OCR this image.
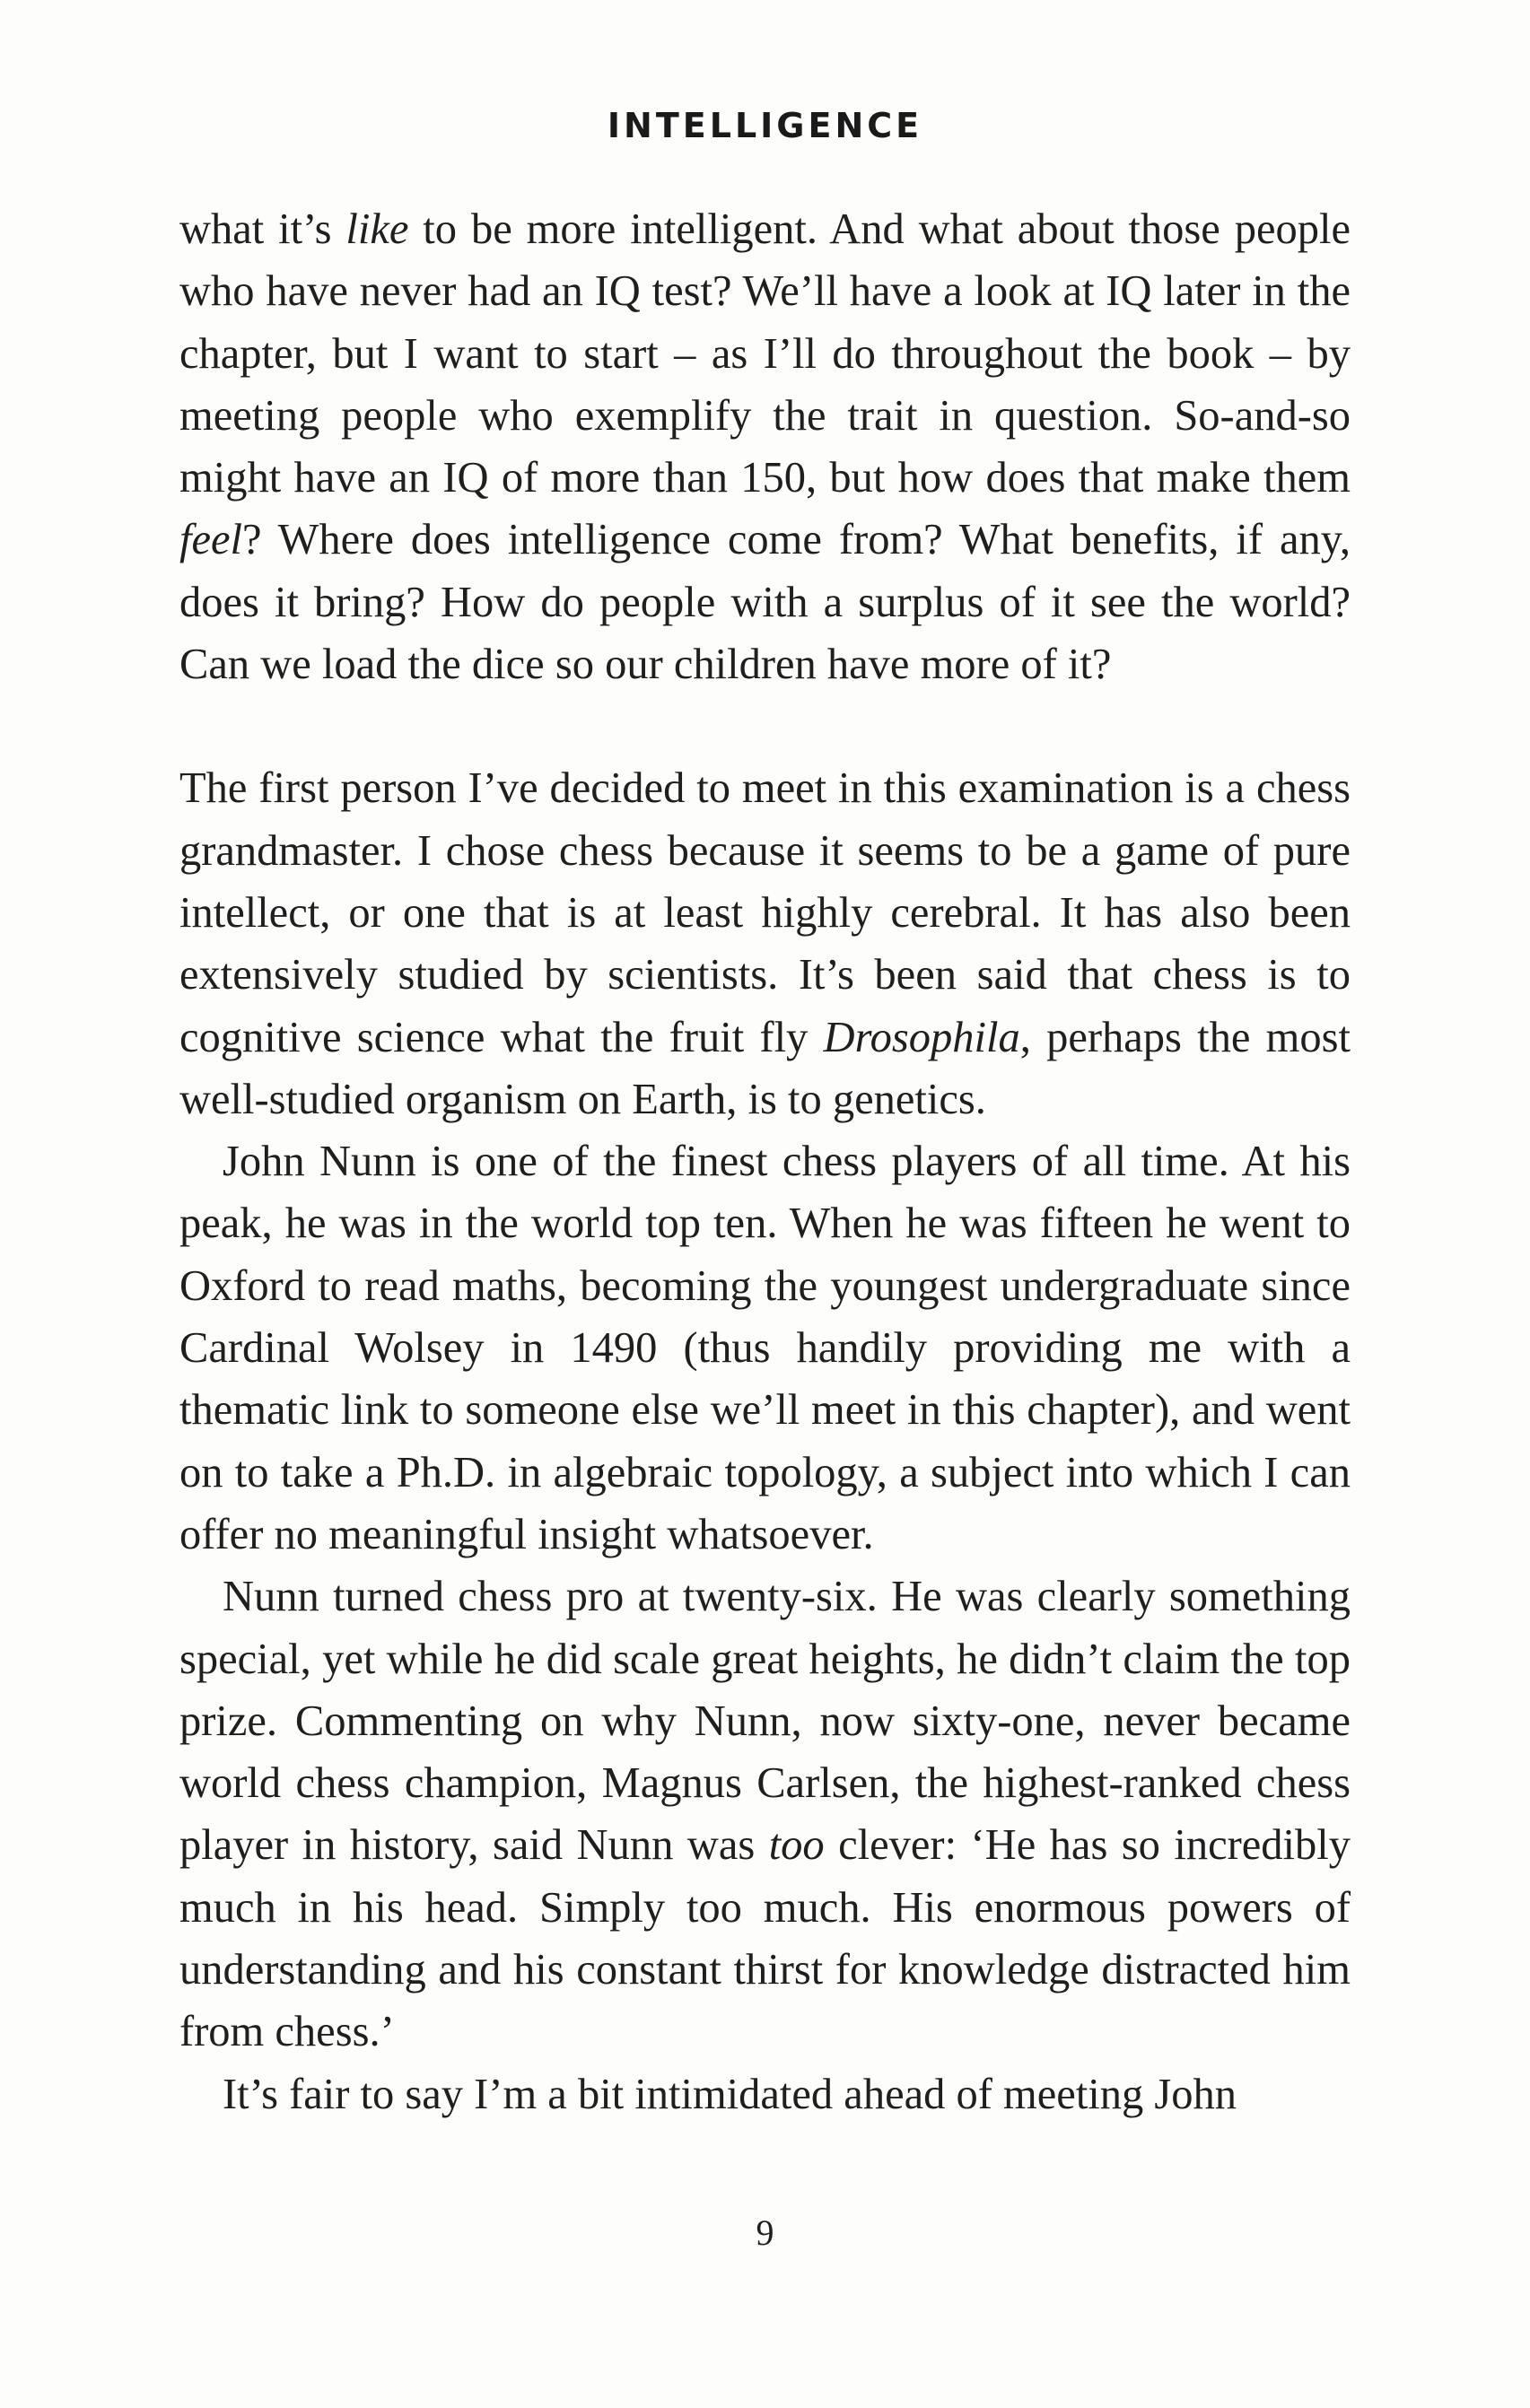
INTELLIGENCE

what it’s like to be more intelligent. And what about those people who have never had an IQ test? We’ll have a look at IQ later in the chapter, but I want to start – as I’ll do throughout the book – by meeting people who exemplify the trait in question. So-and-so might have an IQ of more than 150, but how does that make them feel? Where does intelligence come from? What benefits, if any, does it bring? How do people with a surplus of it see the world? Can we load the dice so our children have more of it?

The first person I’ve decided to meet in this examination is a chess grandmaster. I chose chess because it seems to be a game of pure intellect, or one that is at least highly cerebral. It has also been extensively studied by scientists. It’s been said that chess is to cognitive science what the fruit fly Drosophila, perhaps the most well-studied organism on Earth, is to genetics.

John Nunn is one of the finest chess players of all time. At his peak, he was in the world top ten. When he was fifteen he went to Oxford to read maths, becoming the youngest undergraduate since Cardinal Wolsey in 1490 (thus handily providing me with a thematic link to someone else we’ll meet in this chapter), and went on to take a Ph.D. in algebraic topology, a subject into which I can offer no meaningful insight whatsoever.

Nunn turned chess pro at twenty-six. He was clearly something special, yet while he did scale great heights, he didn’t claim the top prize. Commenting on why Nunn, now sixty-one, never became world chess champion, Magnus Carlsen, the highest-ranked chess player in history, said Nunn was too clever: ‘He has so incredibly much in his head. Simply too much. His enormous powers of understanding and his constant thirst for knowledge distracted him from chess.’

It’s fair to say I’m a bit intimidated ahead of meeting John

9
